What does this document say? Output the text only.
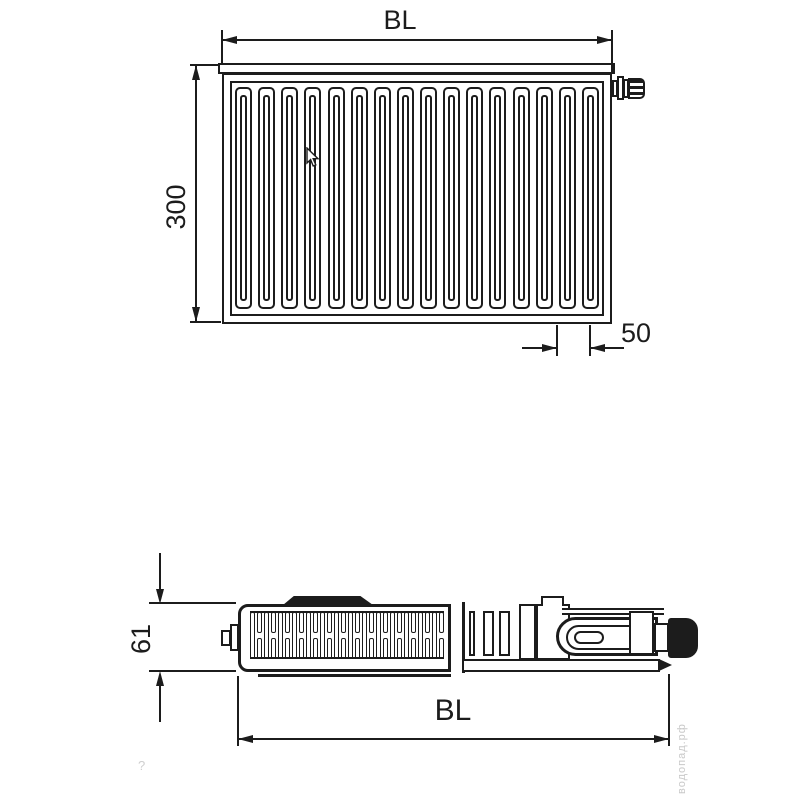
BL
300
50
61
BL
водопад.рф
?
